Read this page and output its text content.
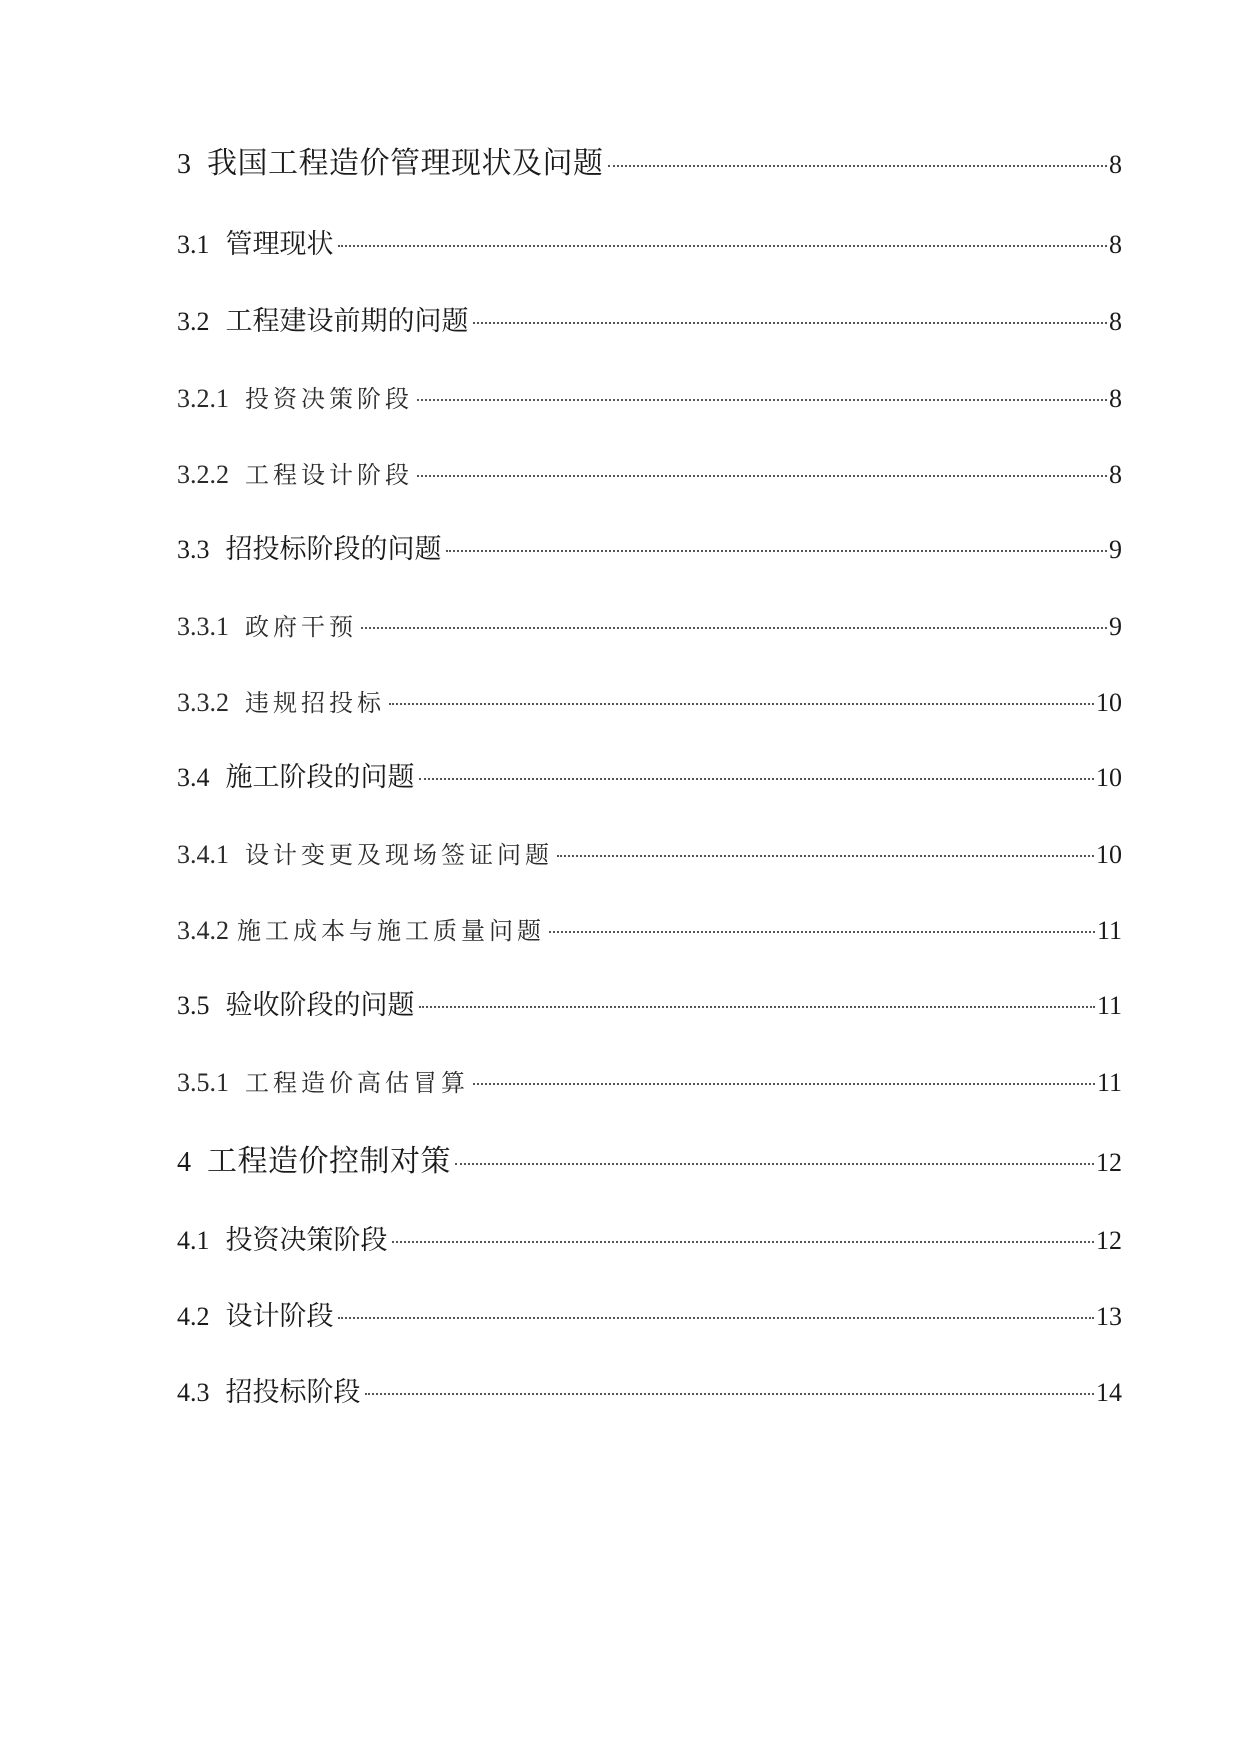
3 我国工程造价管理现状及问题	8
3.1 管理现状	8
3.2 工程建设前期的问题	8
3.2.1 投资决策阶段	8
3.2.2 工程设计阶段	8
3.3 招投标阶段的问题	9
3.3.1 政府干预	9
3.3.2 违规招投标	10
3.4 施工阶段的问题	10
3.4.1 设计变更及现场签证问题	10
3.4.2 施工成本与施工质量问题	11
3.5 验收阶段的问题	11
3.5.1 工程造价高估冒算	11
4 工程造价控制对策	12
4.1 投资决策阶段	12
4.2 设计阶段	13
4.3 招投标阶段	14
